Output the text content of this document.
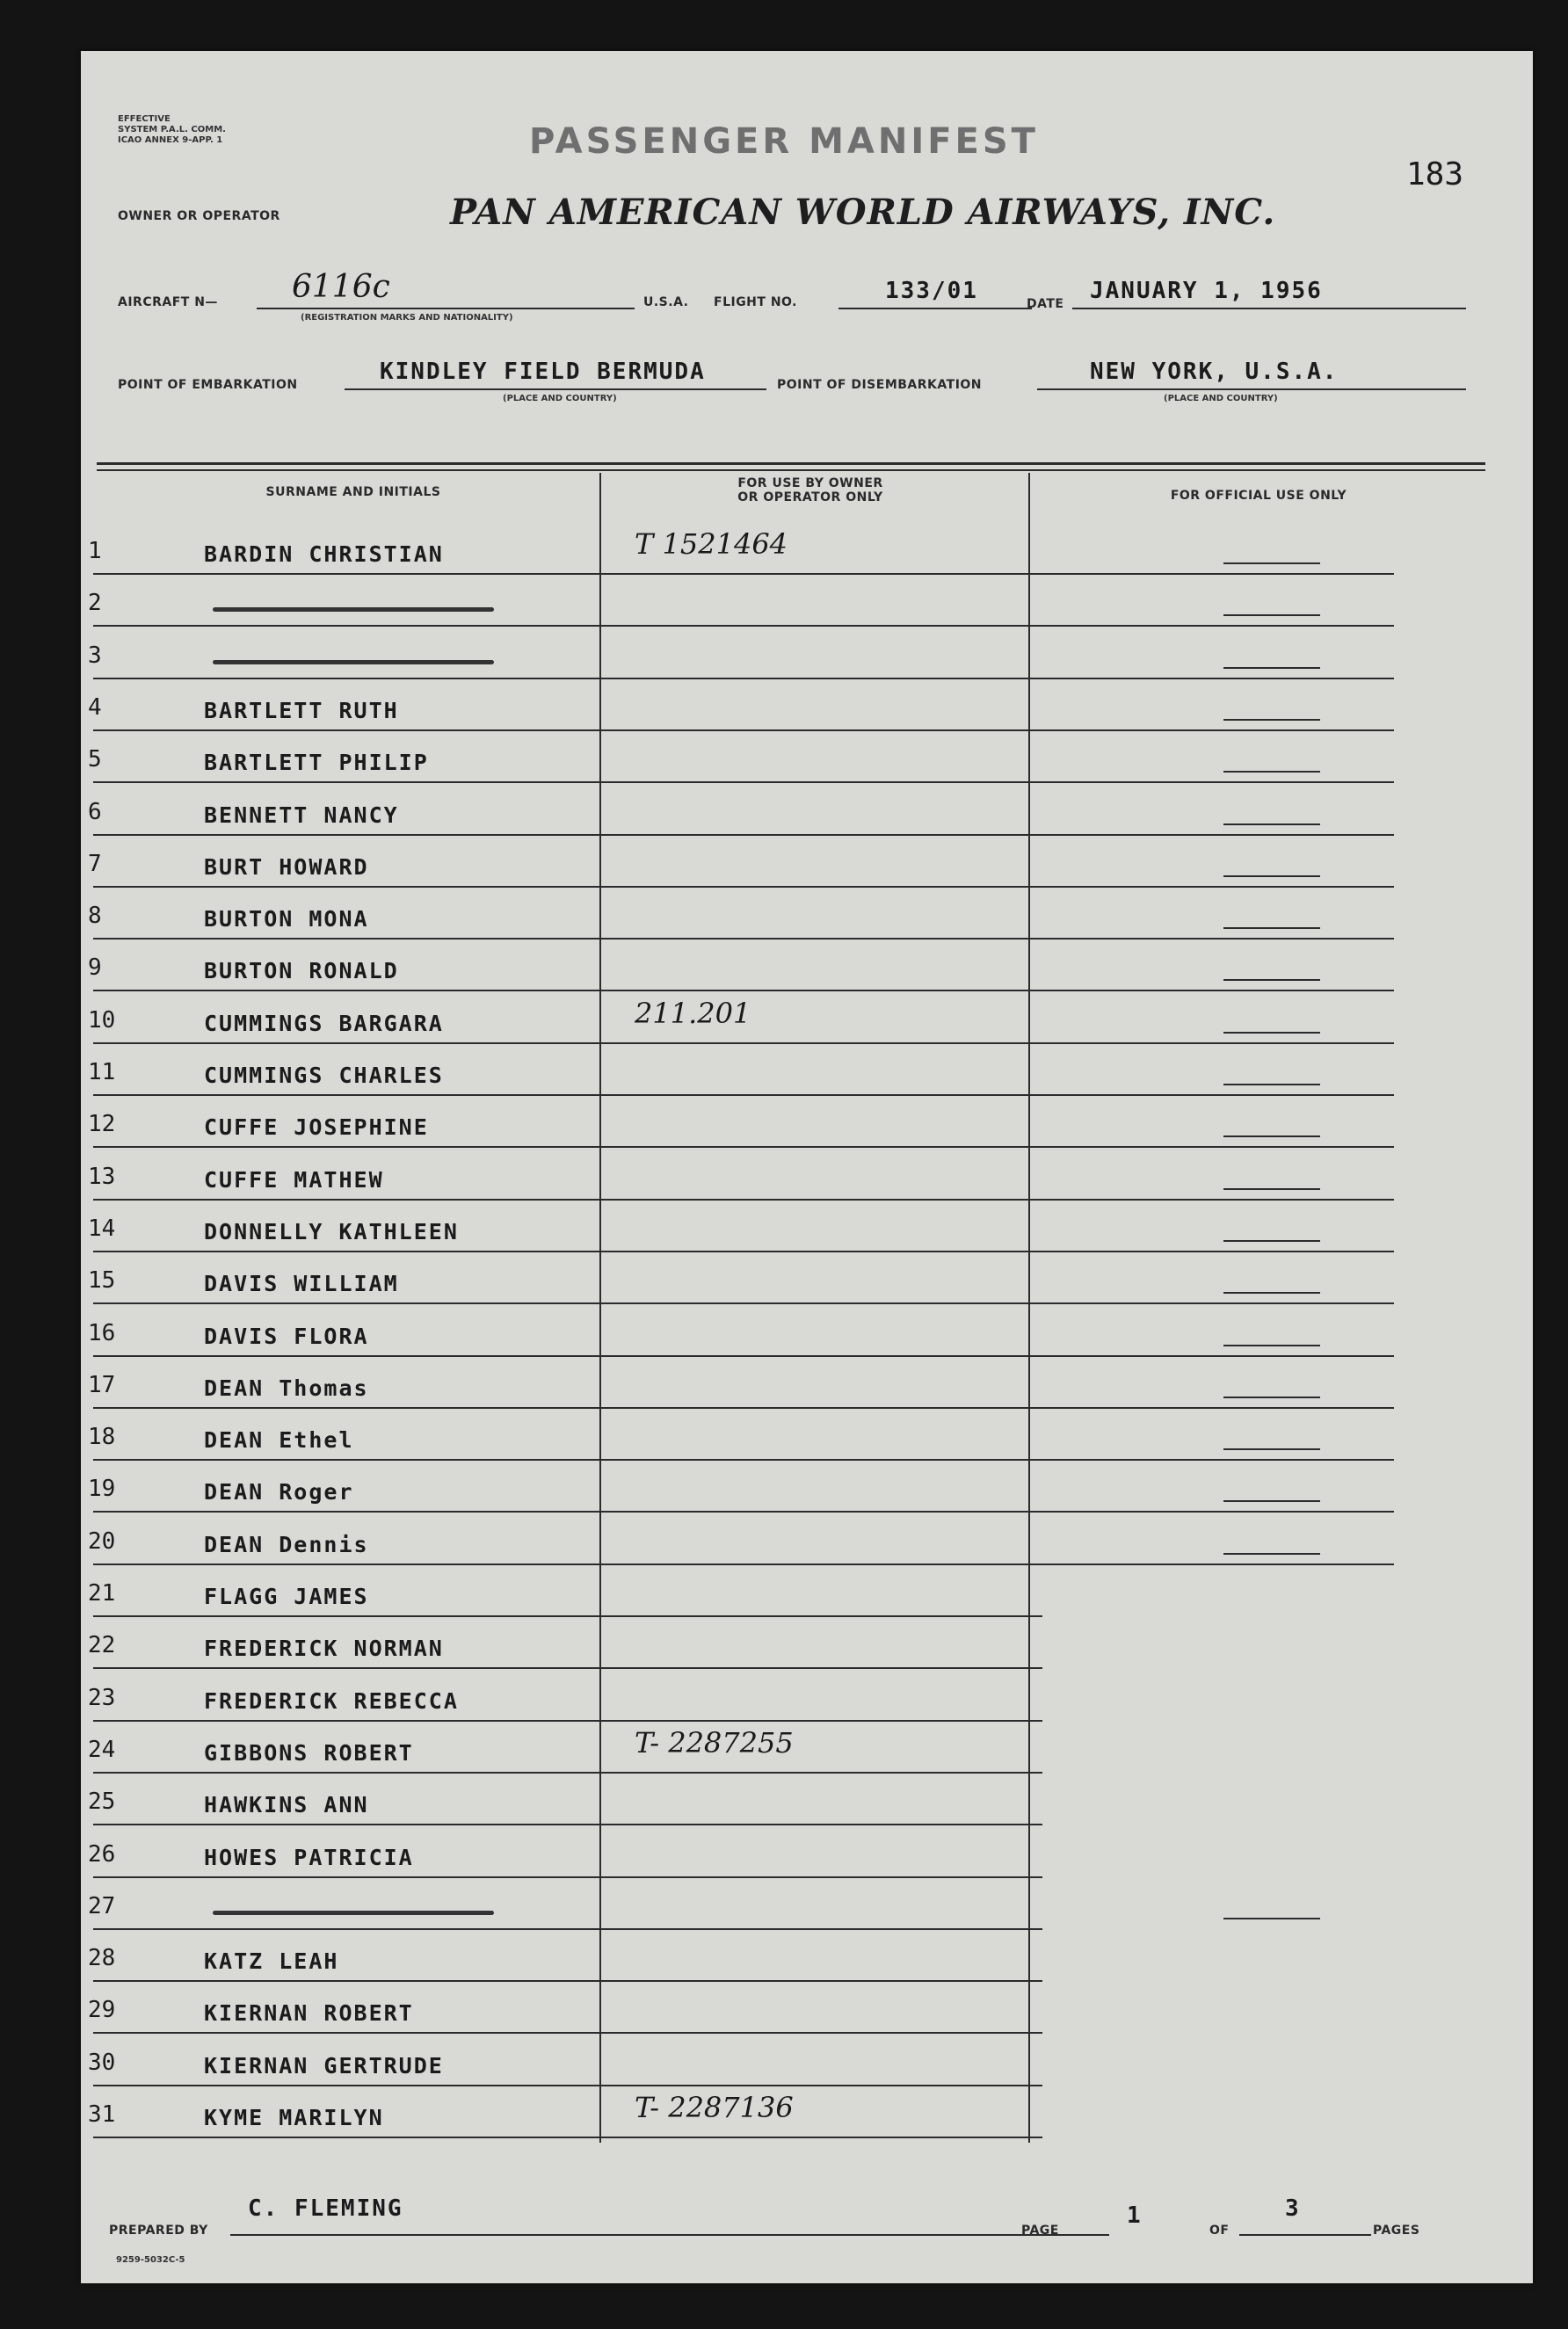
EFFECTIVE
SYSTEM P.A.L. COMM.
ICAO ANNEX 9-APP. 1	PASSENGER MANIFEST
183
OWNER OR OPERATOR	PAN AMERICAN WORLD AIRWAYS, INC.
AIRCRAFT N— 6116c
(REGISTRATION MARKS AND NATIONALITY)
U.S.A. FLIGHT NO.	133/01	DATE JANUARY 1, 1956
POINT OF EMBARKATION	KINDLEY FIELD BERMUDA
(PLACE AND COUNTRY)
POINT OF DISEMBARKATION	NEW YORK, U.S.A.
(PLACE AND COUNTRY)
SURNAME AND INITIALS
FOR USE BY OWNER
OR OPERATOR ONLY	FOR OFFICIAL USE ONLY
PREPARED BY
C. FLEMING
PAGE
1
OF
3
PAGES
9259-5032C-5
1	BARDIN CHRISTIAN	T 1521464
2
3
4	BARTLETT RUTH
5	BARTLETT PHILIP
6	BENNETT NANCY
7	BURT HOWARD
8	BURTON MONA
9	BURTON RONALD
10	CUMMINGS BARGARA	211.201
11	CUMMINGS CHARLES
12	CUFFE JOSEPHINE
13	CUFFE MATHEW
14	DONNELLY KATHLEEN
15	DAVIS WILLIAM
16	DAVIS FLORA
17	DEAN Thomas
18	DEAN Ethel
19	DEAN Roger
20	DEAN Dennis
21	FLAGG JAMES
22	FREDERICK NORMAN
23	FREDERICK REBECCA
24	GIBBONS ROBERT	T- 2287255
25	HAWKINS ANN
26	HOWES PATRICIA
27
28	KATZ LEAH
29	KIERNAN ROBERT
30	KIERNAN GERTRUDE
31	KYME MARILYN	T- 2287136
